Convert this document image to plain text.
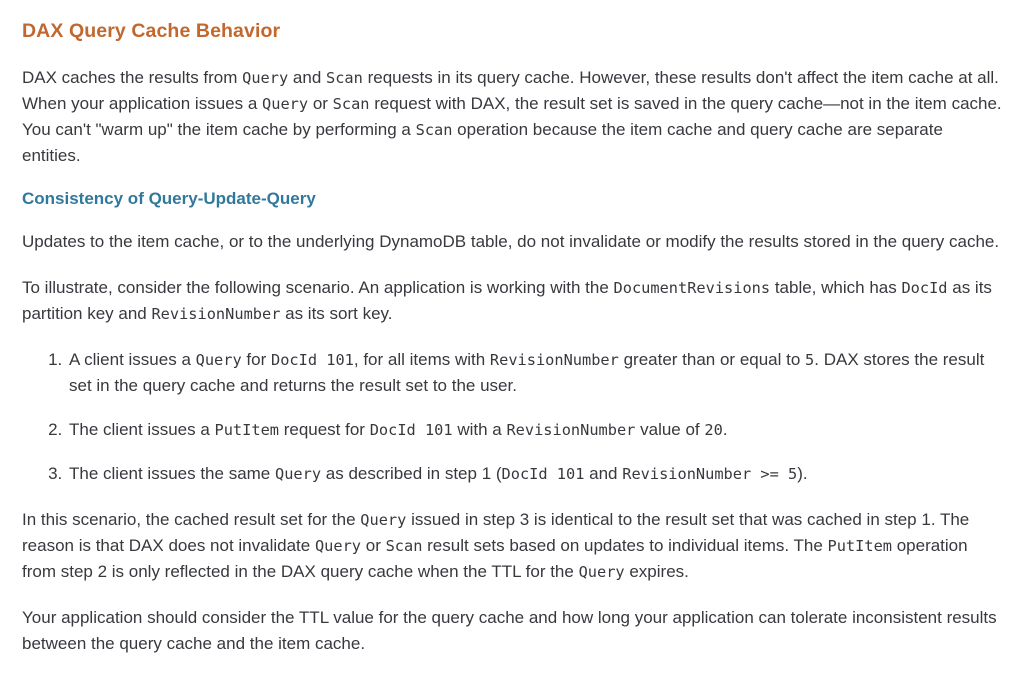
DAX Query Cache Behavior

DAX caches the results from Query and Scan requests in its query cache. However, these results don't affect the item cache at all. When your application issues a Query or Scan request with DAX, the result set is saved in the query cache—not in the item cache. You can't "warm up" the item cache by performing a Scan operation because the item cache and query cache are separate entities.

Consistency of Query-Update-Query

Updates to the item cache, or to the underlying DynamoDB table, do not invalidate or modify the results stored in the query cache.

To illustrate, consider the following scenario. An application is working with the DocumentRevisions table, which has DocId as its partition key and RevisionNumber as its sort key.

1. A client issues a Query for DocId 101, for all items with RevisionNumber greater than or equal to 5. DAX stores the result set in the query cache and returns the result set to the user.
2. The client issues a PutItem request for DocId 101 with a RevisionNumber value of 20.
3. The client issues the same Query as described in step 1 (DocId 101 and RevisionNumber >= 5).

In this scenario, the cached result set for the Query issued in step 3 is identical to the result set that was cached in step 1. The reason is that DAX does not invalidate Query or Scan result sets based on updates to individual items. The PutItem operation from step 2 is only reflected in the DAX query cache when the TTL for the Query expires.

Your application should consider the TTL value for the query cache and how long your application can tolerate inconsistent results between the query cache and the item cache.
